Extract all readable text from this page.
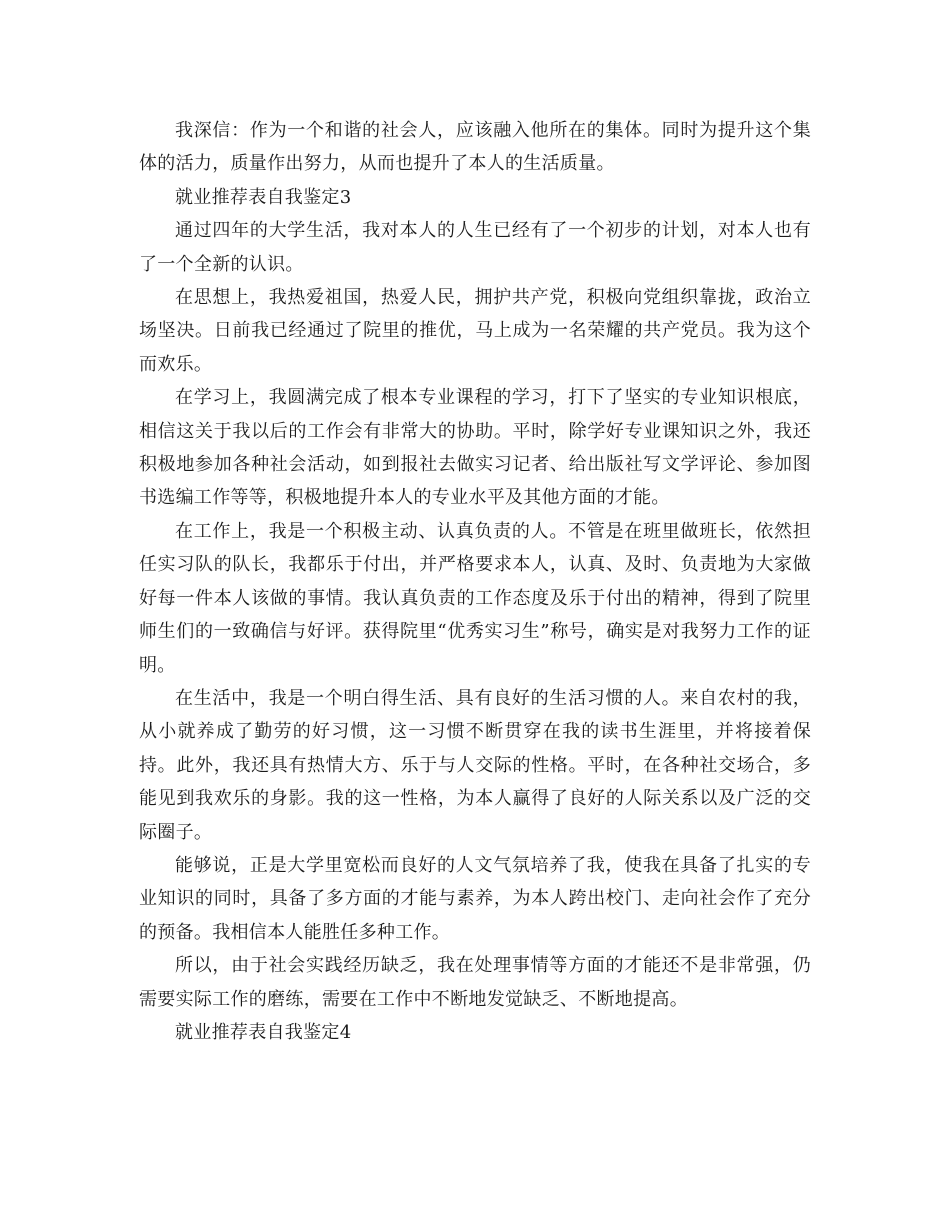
我深信：作为一个和谐的社会人，应该融入他所在的集体。同时为提升这个集体的活力，质量作出努力，从而也提升了本人的生活质量。

就业推荐表自我鉴定3

通过四年的大学生活，我对本人的人生已经有了一个初步的计划，对本人也有了一个全新的认识。

在思想上，我热爱祖国，热爱人民，拥护共产党，积极向党组织靠拢，政治立场坚决。日前我已经通过了院里的推优，马上成为一名荣耀的共产党员。我为这个而欢乐。

在学习上，我圆满完成了根本专业课程的学习，打下了坚实的专业知识根底，相信这关于我以后的工作会有非常大的协助。平时，除学好专业课知识之外，我还积极地参加各种社会活动，如到报社去做实习记者、给出版社写文学评论、参加图书选编工作等等，积极地提升本人的专业水平及其他方面的才能。

在工作上，我是一个积极主动、认真负责的人。不管是在班里做班长，依然担任实习队的队长，我都乐于付出，并严格要求本人，认真、及时、负责地为大家做好每一件本人该做的事情。我认真负责的工作态度及乐于付出的精神，得到了院里师生们的一致确信与好评。获得院里“优秀实习生”称号，确实是对我努力工作的证明。

在生活中，我是一个明白得生活、具有良好的生活习惯的人。来自农村的我，从小就养成了勤劳的好习惯，这一习惯不断贯穿在我的读书生涯里，并将接着保持。此外，我还具有热情大方、乐于与人交际的性格。平时，在各种社交场合，多能见到我欢乐的身影。我的这一性格，为本人赢得了良好的人际关系以及广泛的交际圈子。

能够说，正是大学里宽松而良好的人文气氛培养了我，使我在具备了扎实的专业知识的同时，具备了多方面的才能与素养，为本人跨出校门、走向社会作了充分的预备。我相信本人能胜任多种工作。

所以，由于社会实践经历缺乏，我在处理事情等方面的才能还不是非常强，仍需要实际工作的磨练，需要在工作中不断地发觉缺乏、不断地提高。

就业推荐表自我鉴定4
